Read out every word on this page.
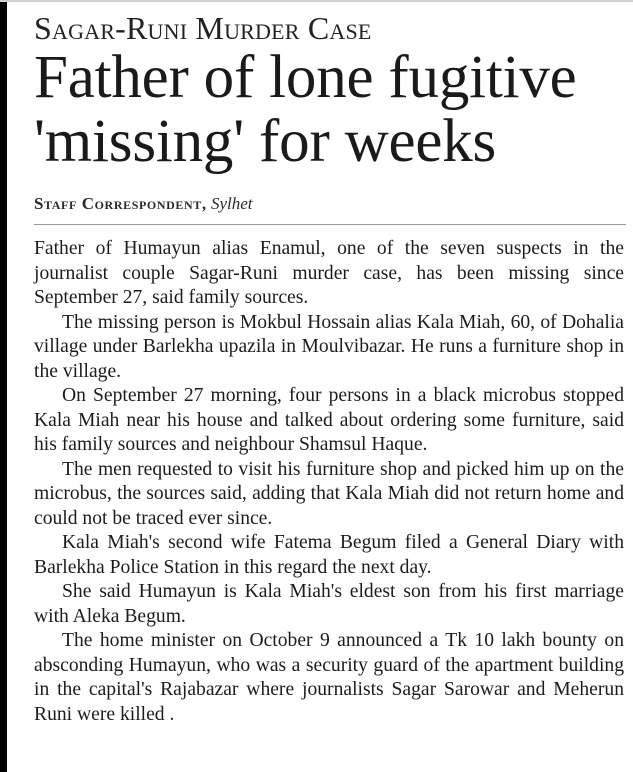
Sagar-Runi Murder Case
Father of lone fugitive
'missing' for weeks
Staff Correspondent, Sylhet

Father of Humayun alias Enamul, one of the seven suspects in the journalist couple Sagar-Runi murder case, has been missing since September 27, said family sources.

The missing person is Mokbul Hossain alias Kala Miah, 60, of Dohalia village under Barlekha upazila in Moulvibazar. He runs a furniture shop in the village.

On September 27 morning, four persons in a black microbus stopped Kala Miah near his house and talked about ordering some furniture, said his family sources and neighbour Shamsul Haque.

The men requested to visit his furniture shop and picked him up on the microbus, the sources said, adding that Kala Miah did not return home and could not be traced ever since.

Kala Miah's second wife Fatema Begum filed a General Diary with Barlekha Police Station in this regard the next day.

She said Humayun is Kala Miah's eldest son from his first marriage with Aleka Begum.

The home minister on October 9 announced a Tk 10 lakh bounty on absconding Humayun, who was a security guard of the apartment building in the capital's Rajabazar where journalists Sagar Sarowar and Meherun Runi were killed .
